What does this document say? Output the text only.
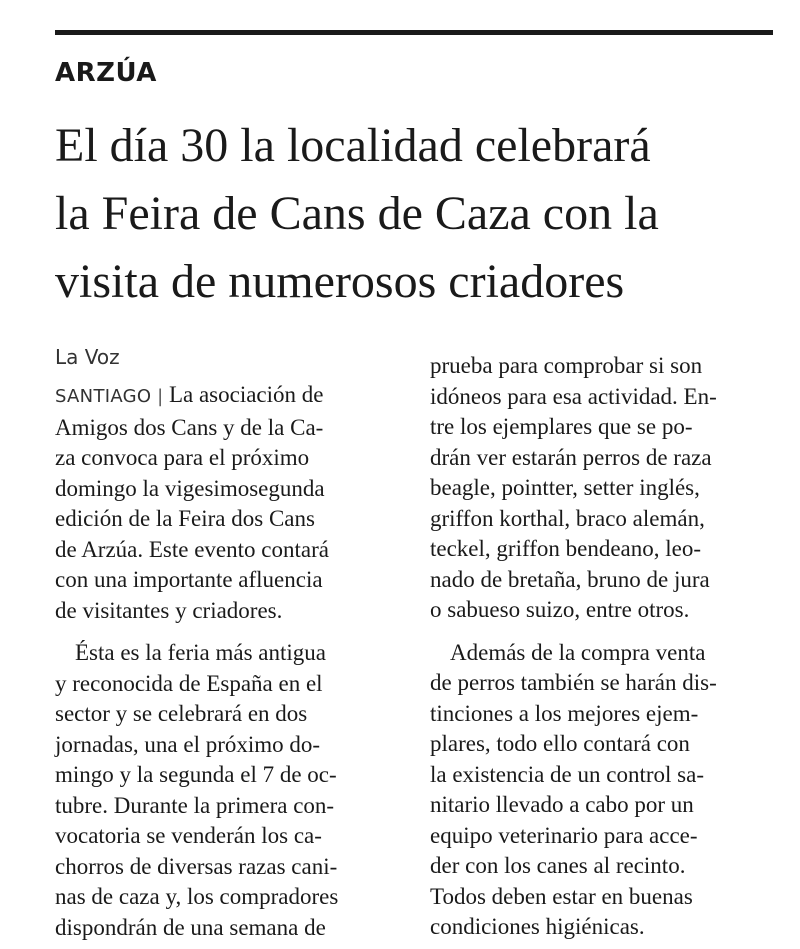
ARZÚA
El día 30 la localidad celebrará
la Feira de Cans de Caza con la
visita de numerosos criadores
La Voz
SANTIAGO | La asociación de
Amigos dos Cans y de la Ca-
za convoca para el próximo
domingo la vigesimosegunda
edición de la Feira dos Cans
de Arzúa. Este evento contará
con una importante afluencia
de visitantes y criadores.
Ésta es la feria más antigua
y reconocida de España en el
sector y se celebrará en dos
jornadas, una el próximo do-
mingo y la segunda el 7 de oc-
tubre. Durante la primera con-
vocatoria se venderán los ca-
chorros de diversas razas cani-
nas de caza y, los compradores
dispondrán de una semana de
prueba para comprobar si son
idóneos para esa actividad. En-
tre los ejemplares que se po-
drán ver estarán perros de raza
beagle, pointter, setter inglés,
griffon korthal, braco alemán,
teckel, griffon bendeano, leo-
nado de bretaña, bruno de jura
o sabueso suizo, entre otros.
Además de la compra venta
de perros también se harán dis-
tinciones a los mejores ejem-
plares, todo ello contará con
la existencia de un control sa-
nitario llevado a cabo por un
equipo veterinario para acce-
der con los canes al recinto.
Todos deben estar en buenas
condiciones higiénicas.
